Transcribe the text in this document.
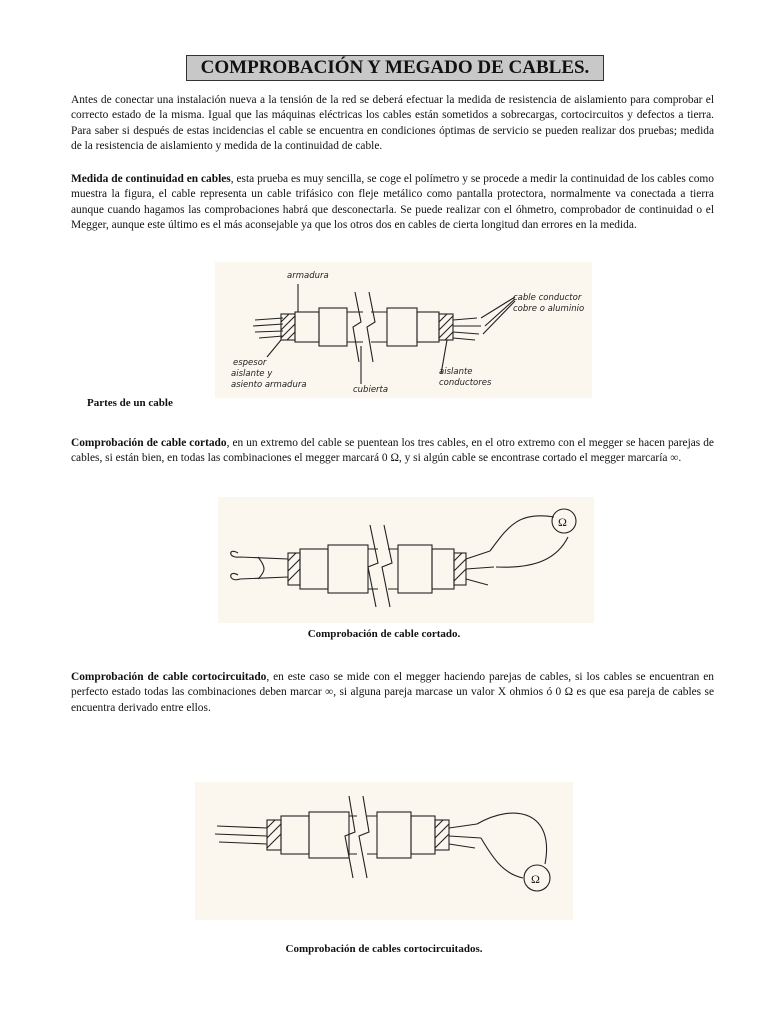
COMPROBACIÓN Y MEGADO DE CABLES.

Antes de conectar una instalación nueva a la tensión de la red se deberá efectuar la medida de resistencia de aislamiento para comprobar el correcto estado de la misma. Igual que las máquinas eléctricas los cables están sometidos a sobrecargas, cortocircuitos y defectos a tierra. Para saber si después de estas incidencias el cable se encuentra en condiciones óptimas de servicio se pueden realizar dos pruebas; medida de la resistencia de aislamiento y medida de la continuidad de cable.

Medida de continuidad en cables, esta prueba es muy sencilla, se coge el polímetro y se procede a medir la continuidad de los cables como muestra la figura, el cable representa un cable trifásico con fleje metálico como pantalla protectora, normalmente va conectada a tierra aunque cuando hagamos las comprobaciones habrá que desconectarla. Se puede realizar con el óhmetro, comprobador de continuidad o el Megger, aunque este último es el más aconsejable ya que los otros dos en cables de cierta longitud dan errores en la medida.

armadura
cable conductor
cobre o aluminio
espesor
aislante y
asiento armadura	cubierta
aislante
conductores

Partes de un cable

Comprobación de cable cortado, en un extremo del cable se puentean los tres cables, en el otro extremo con el megger se hacen parejas de cables, si están bien, en todas las combinaciones el megger marcará 0 Ω, y si algún cable se encontrase cortado el megger marcaría ∞.

Ω

Comprobación de cable cortado.

Comprobación de cable cortocircuitado, en este caso se mide con el megger haciendo parejas de cables, si los cables se encuentran en perfecto estado todas las combinaciones deben marcar ∞, si alguna pareja marcase un valor X ohmios ó 0 Ω es que esa pareja de cables se encuentra derivado entre ellos.

Ω

Comprobación de cables cortocircuitados.
